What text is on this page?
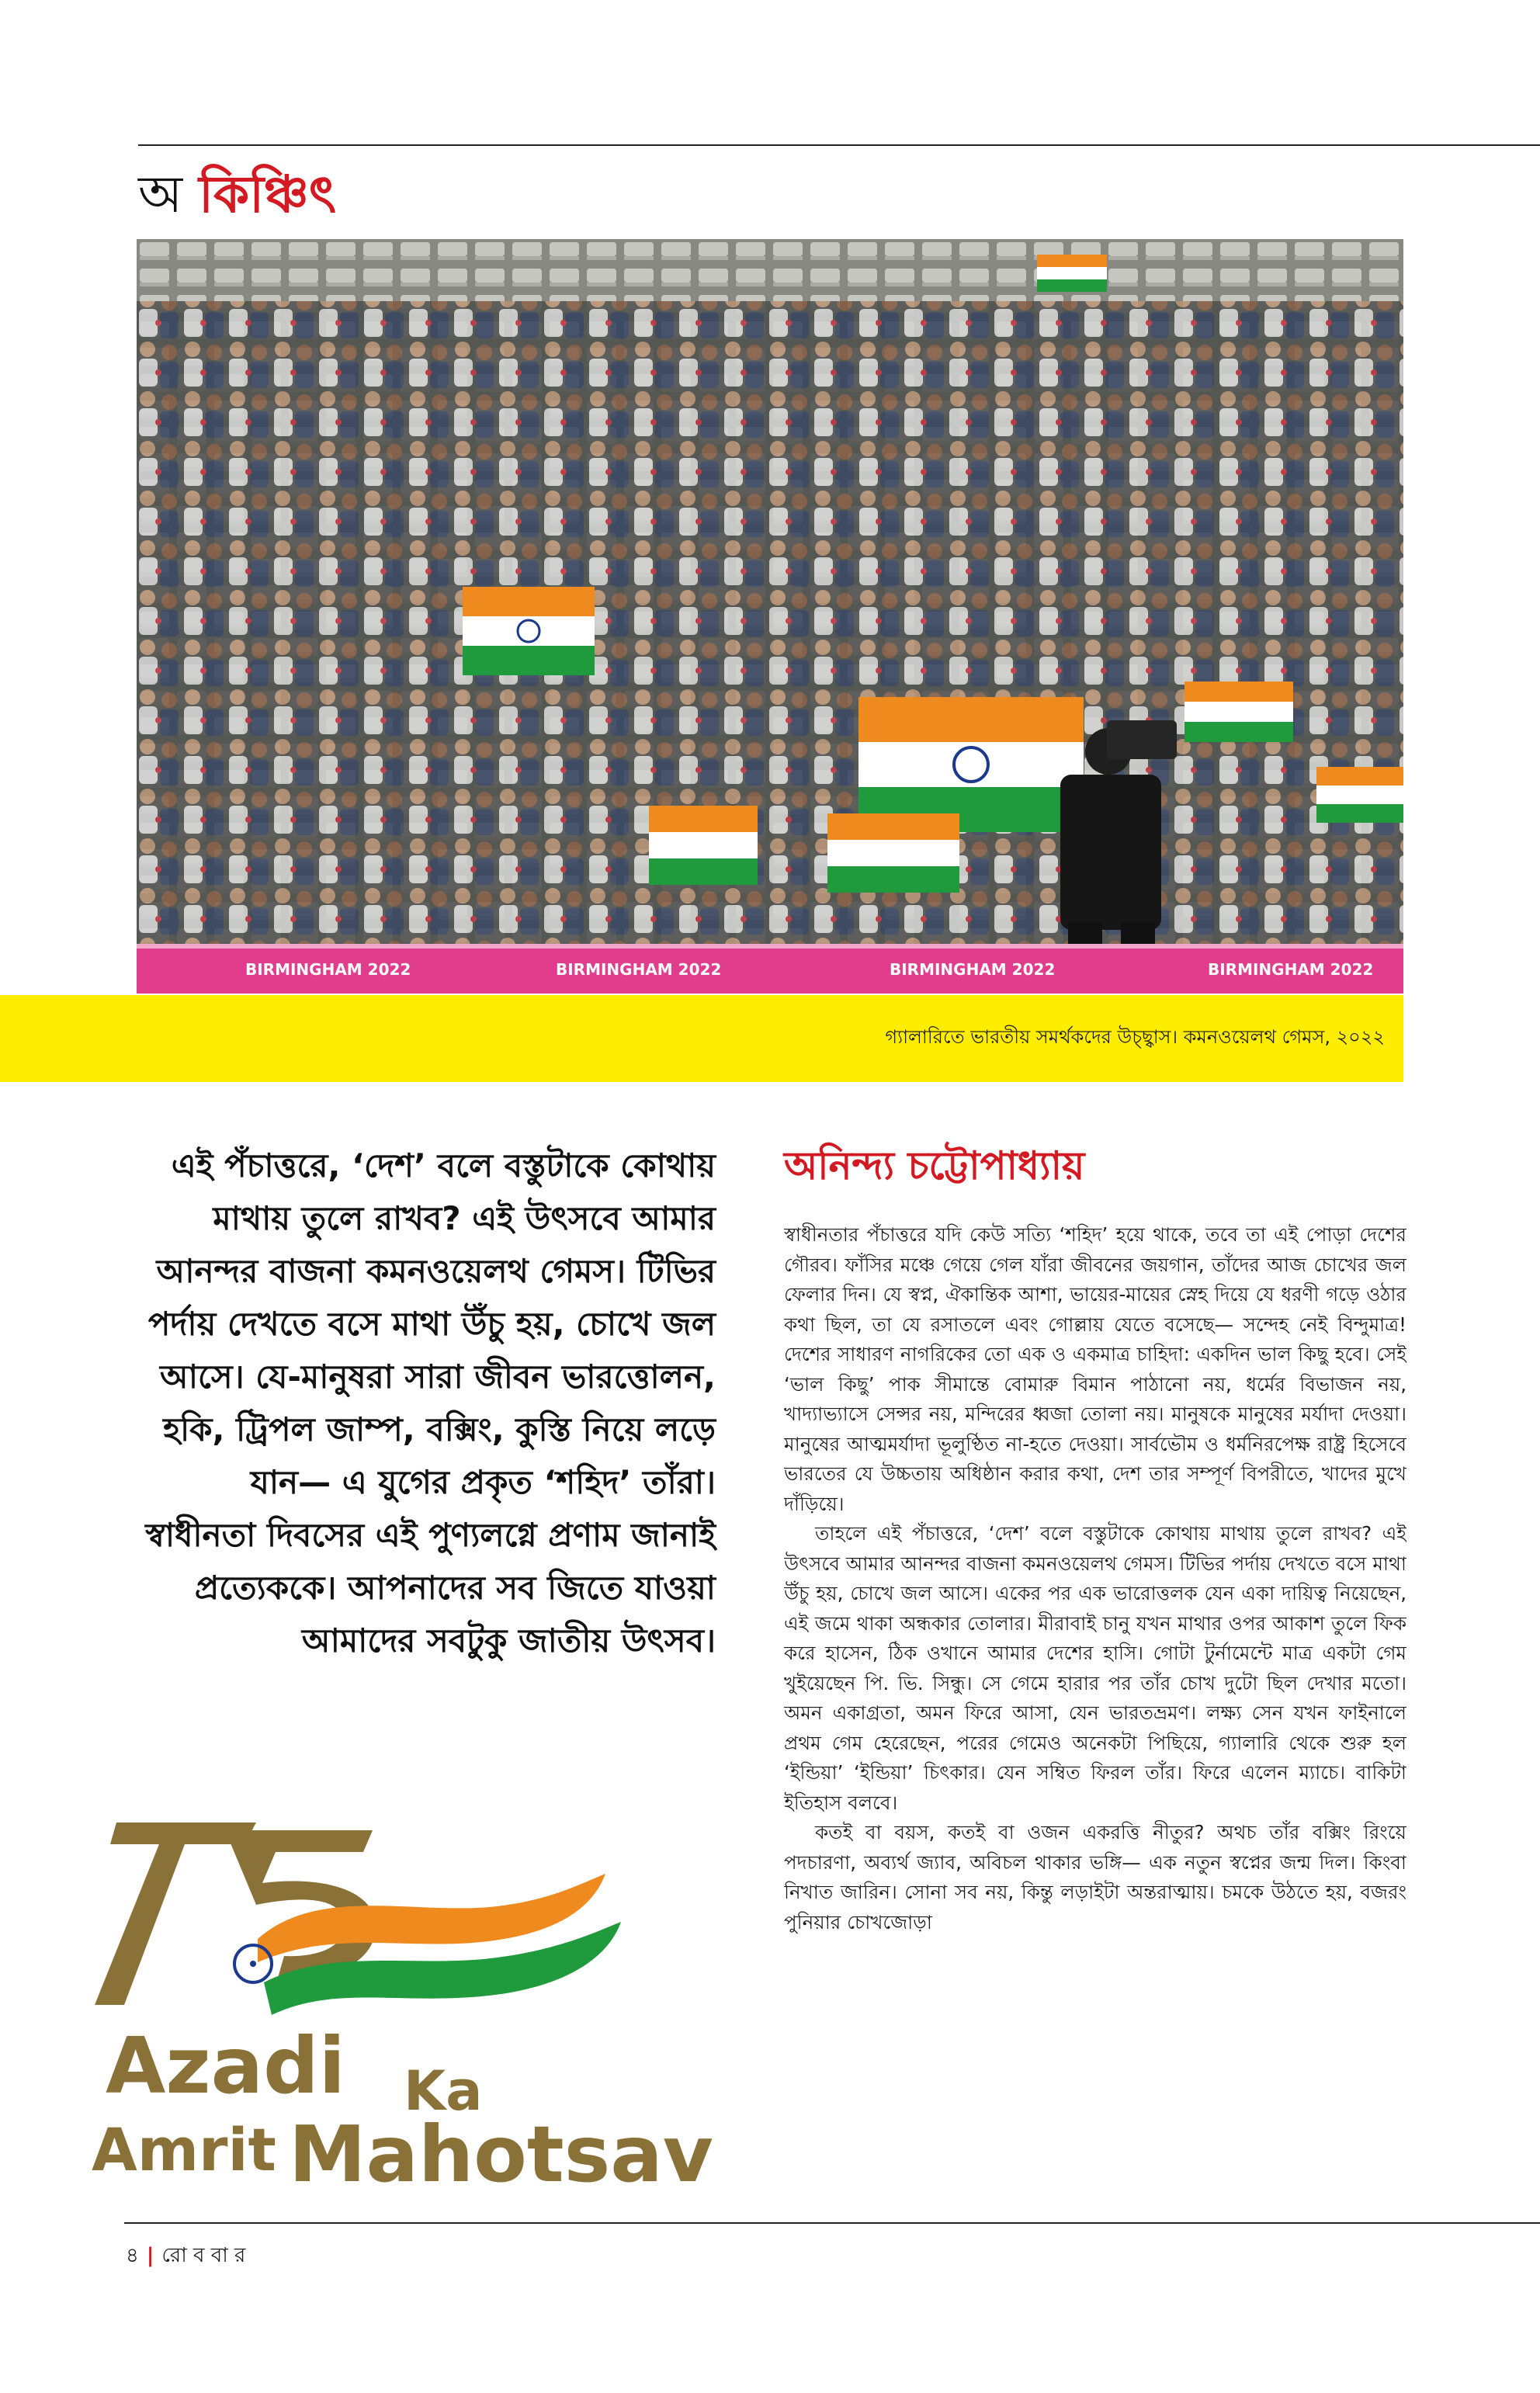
অ কিঞ্চিৎ
BIRMINGHAM 2022	BIRMINGHAM 2022	BIRMINGHAM 2022
BIRMINGHAM 2022
গ্যালারিতে ভারতীয় সমর্থকদের উচ্ছ্বাস। কমনওয়েলথ গেমস, ২০২২
এই পঁচাত্তরে, ‘দেশ’ বলে বস্তুটাকে কোথায় মাথায় তুলে রাখব? এই উৎসবে আমার আনন্দর বাজনা কমনওয়েলথ গেমস। টিভির পর্দায় দেখতে বসে মাথা উঁচু হয়, চোখে জল আসে। যে-মানুষরা সারা জীবন ভারত্তোলন, হকি, ট্রিপল জাম্প, বক্সিং, কুস্তি নিয়ে লড়ে যান— এ যুগের প্রকৃত ‘শহিদ’ তাঁরা। স্বাধীনতা দিবসের এই পুণ্যলগ্নে প্রণাম জানাই প্রত্যেককে। আপনাদের সব জিতে যাওয়া আমাদের সবটুকু জাতীয় উৎসব।
অনিন্দ্য চট্টোপাধ্যায়

স্বাধীনতার পঁচাত্তরে যদি কেউ সত্যি ‘শহিদ’ হয়ে থাকে, তবে তা এই পোড়া দেশের গৌরব। ফাঁসির মঞ্চে গেয়ে গেল যাঁরা জীবনের জয়গান, তাঁদের আজ চোখের জল ফেলার দিন। যে স্বপ্ন, ঐকান্তিক আশা, ভায়ের-মায়ের স্নেহ দিয়ে যে ধরণী গড়ে ওঠার কথা ছিল, তা যে রসাতলে এবং গোল্লায় যেতে বসেছে— সন্দেহ নেই বিন্দুমাত্র! দেশের সাধারণ নাগরিকের তো এক ও একমাত্র চাহিদা: একদিন ভাল কিছু হবে। সেই ‘ভাল কিছু’ পাক সীমান্তে বোমারু বিমান পাঠানো নয়, ধর্মের বিভাজন নয়, খাদ্যাভ্যাসে সেন্সর নয়, মন্দিরের ধ্বজা তোলা নয়। মানুষকে মানুষের মর্যাদা দেওয়া। মানুষের আত্মমর্যাদা ভূলুণ্ঠিত না-হতে দেওয়া। সার্বভৌম ও ধর্মনিরপেক্ষ রাষ্ট্র হিসেবে ভারতের যে উচ্চতায় অধিষ্ঠান করার কথা, দেশ তার সম্পূর্ণ বিপরীতে, খাদের মুখে দাঁড়িয়ে।

তাহলে এই পঁচাত্তরে, ‘দেশ’ বলে বস্তুটাকে কোথায় মাথায় তুলে রাখব? এই উৎসবে আমার আনন্দর বাজনা কমনওয়েলথ গেমস। টিভির পর্দায় দেখতে বসে মাথা উঁচু হয়, চোখে জল আসে। একের পর এক ভারোত্তলক যেন একা দায়িত্ব নিয়েছেন, এই জমে থাকা অন্ধকার তোলার। মীরাবাই চানু যখন মাথার ওপর আকাশ তুলে ফিক করে হাসেন, ঠিক ওখানে আমার দেশের হাসি। গোটা টুর্নামেন্টে মাত্র একটা গেম খুইয়েছেন পি. ভি. সিন্ধু। সে গেমে হারার পর তাঁর চোখ দুটো ছিল দেখার মতো। অমন একাগ্রতা, অমন ফিরে আসা, যেন ভারতভ্রমণ। লক্ষ্য সেন যখন ফাইনালে প্রথম গেম হেরেছেন, পরের গেমেও অনেকটা পিছিয়ে, গ্যালারি থেকে শুরু হল ‘ইন্ডিয়া’ ‘ইন্ডিয়া’ চিৎকার। যেন সম্বিত ফিরল তাঁর। ফিরে এলেন ম্যাচে। বাকিটা ইতিহাস বলবে।

কতই বা বয়স, কতই বা ওজন একরত্তি নীতুর? অথচ তাঁর বক্সিং রিংয়ে পদচারণা, অব্যর্থ জ্যাব, অবিচল থাকার ভঙ্গি— এক নতুন স্বপ্নের জন্ম দিল। কিংবা নিখাত জারিন। সোনা সব নয়, কিন্তু লড়াইটা অন্তরাত্মায়। চমকে উঠতে হয়, বজরং পুনিয়ার চোখজোড়া

Azadi Ka
Amrit Mahotsav
৪ | রো ব বা র
